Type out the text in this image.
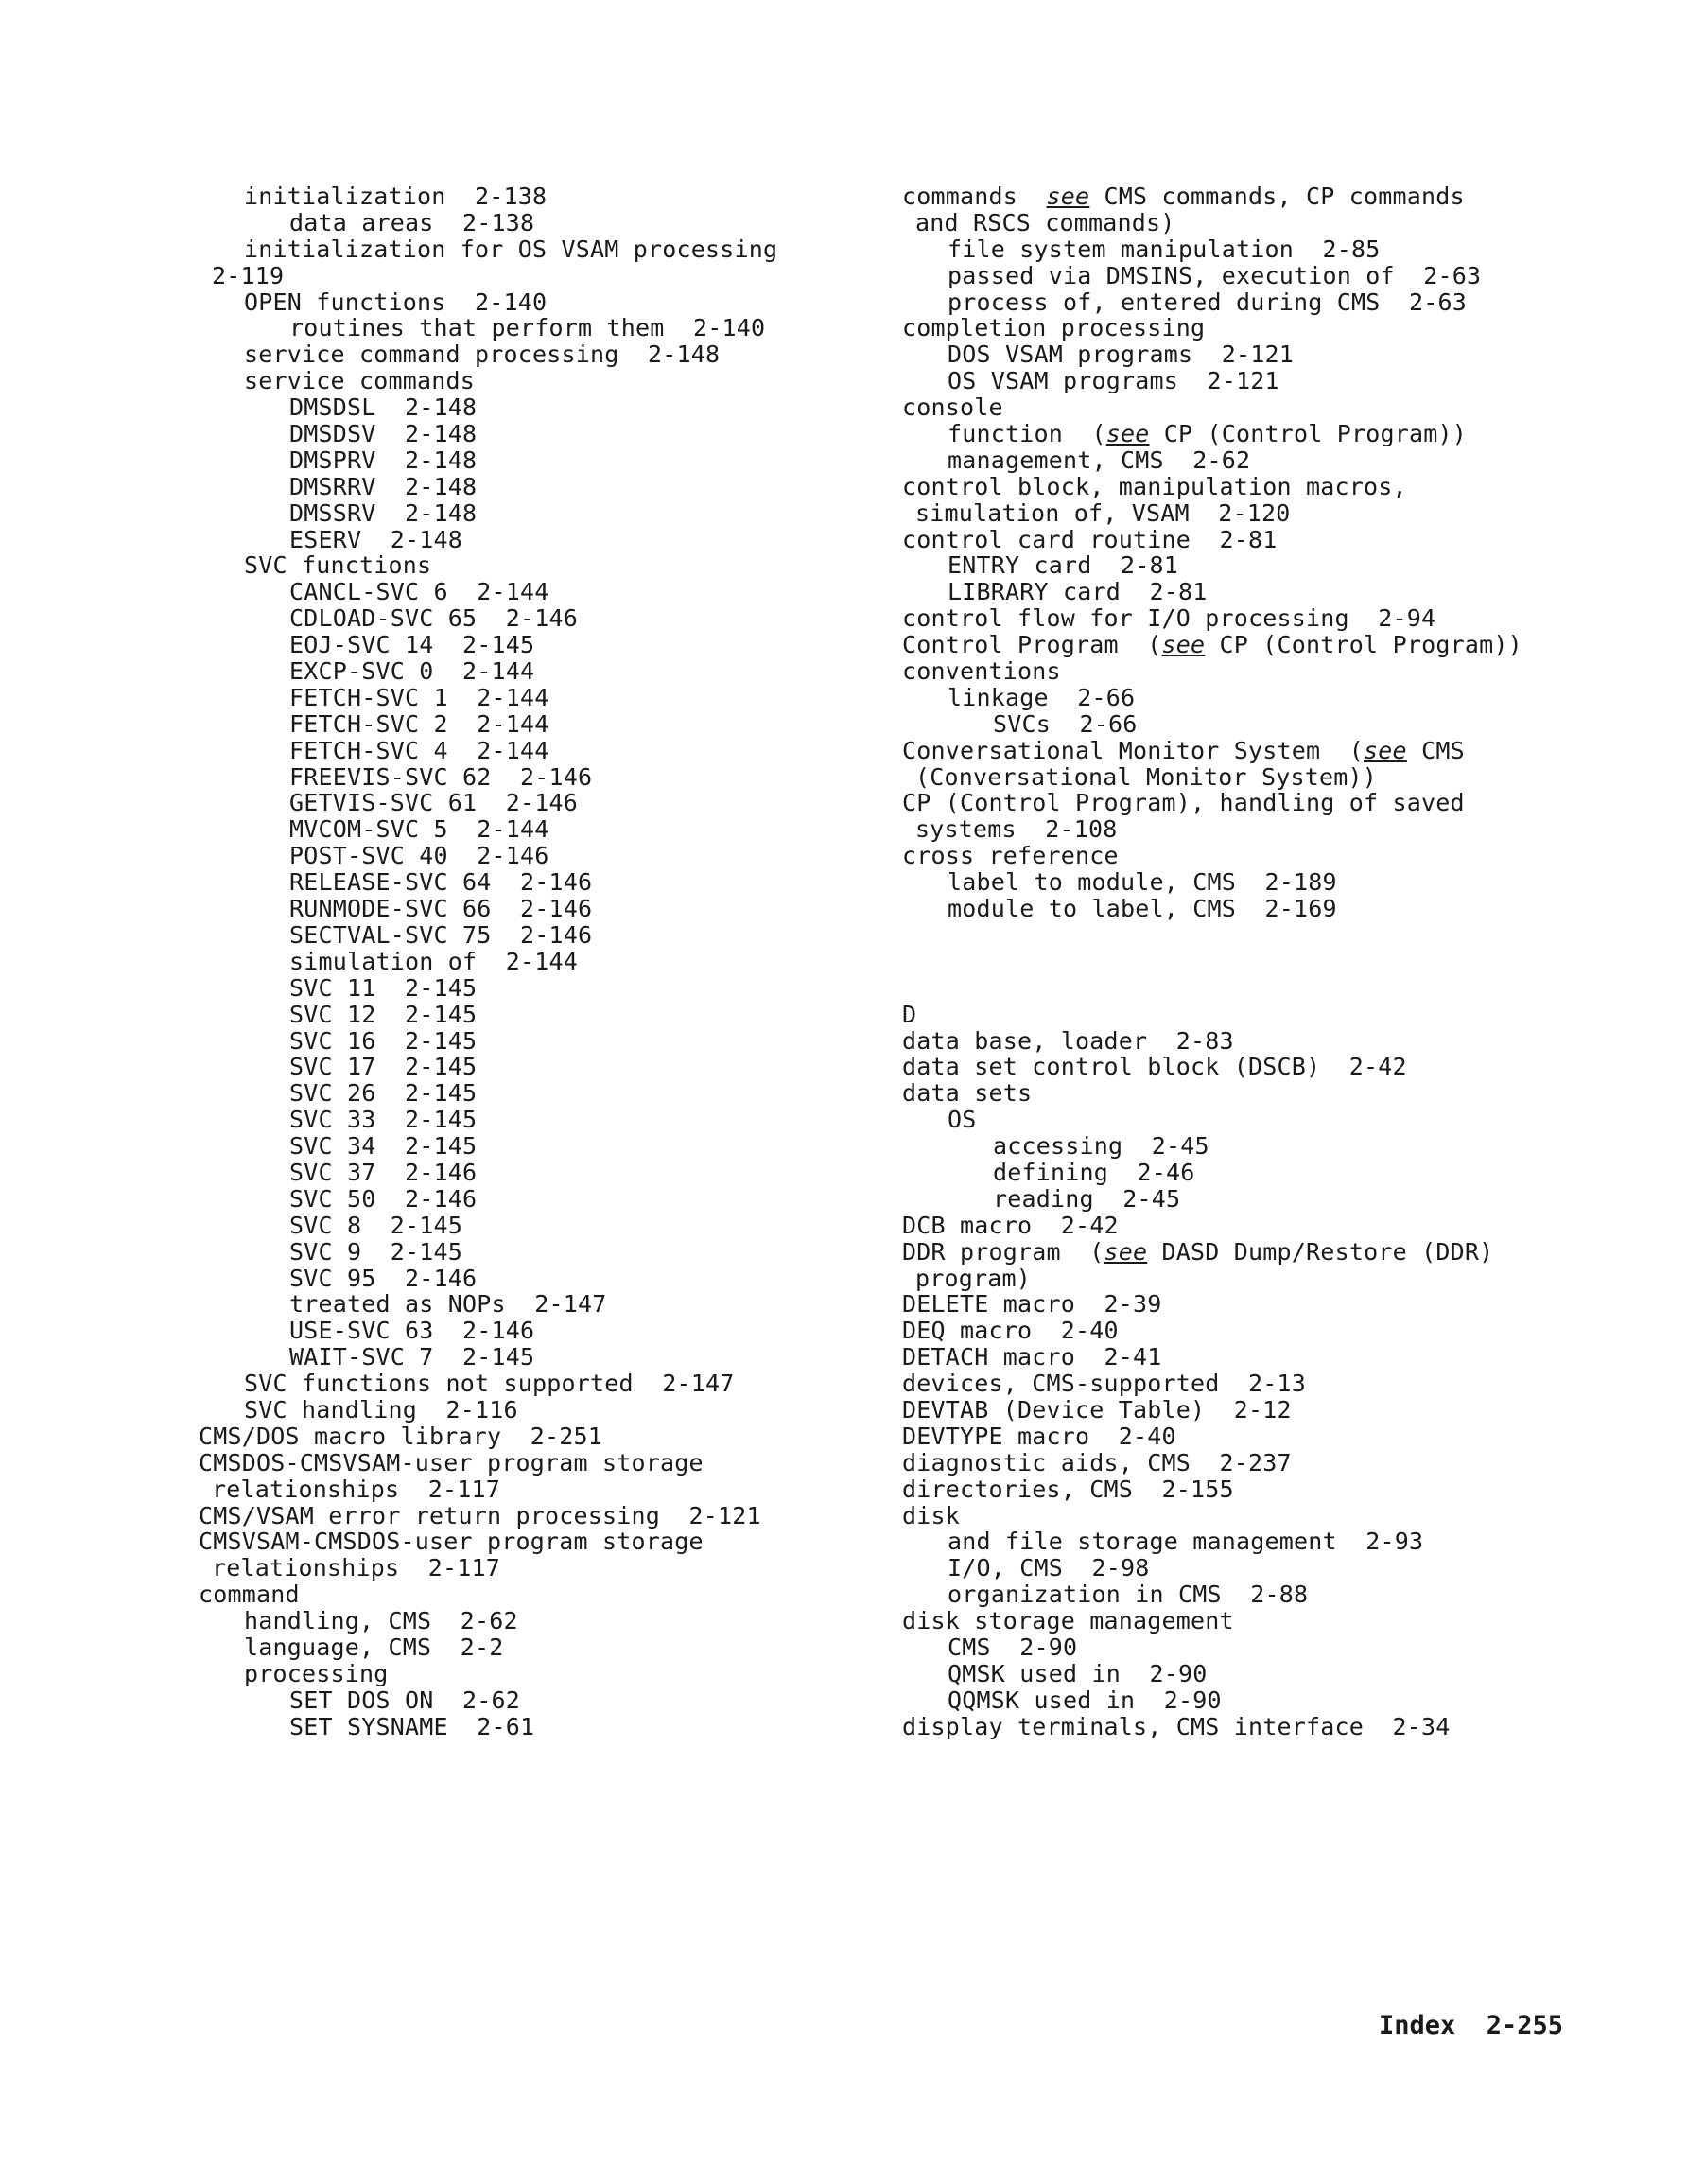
initialization  2-138
data areas  2-138
initialization for OS VSAM processing
2-119
OPEN functions  2-140
routines that perform them  2-140
service command processing  2-148
service commands
DMSDSL  2-148
DMSDSV  2-148
DMSPRV  2-148
DMSRRV  2-148
DMSSRV  2-148
ESERV  2-148
SVC functions
CANCL-SVC 6  2-144
CDLOAD-SVC 65  2-146
EOJ-SVC 14  2-145
EXCP-SVC 0  2-144
FETCH-SVC 1  2-144
FETCH-SVC 2  2-144
FETCH-SVC 4  2-144
FREEVIS-SVC 62  2-146
GETVIS-SVC 61  2-146
MVCOM-SVC 5  2-144
POST-SVC 40  2-146
RELEASE-SVC 64  2-146
RUNMODE-SVC 66  2-146
SECTVAL-SVC 75  2-146
simulation of  2-144
SVC 11  2-145
SVC 12  2-145
SVC 16  2-145
SVC 17  2-145
SVC 26  2-145
SVC 33  2-145
SVC 34  2-145
SVC 37  2-146
SVC 50  2-146
SVC 8  2-145
SVC 9  2-145
SVC 95  2-146
treated as NOPs  2-147
USE-SVC 63  2-146
WAIT-SVC 7  2-145
SVC functions not supported  2-147
SVC handling  2-116
CMS/DOS macro library  2-251
CMSDOS-CMSVSAM-user program storage
relationships  2-117
CMS/VSAM error return processing  2-121
CMSVSAM-CMSDOS-user program storage
relationships  2-117
command
handling, CMS  2-62
language, CMS  2-2
processing
SET DOS ON  2-62
SET SYSNAME  2-61
commands  see CMS commands, CP commands
and RSCS commands)
file system manipulation  2-85
passed via DMSINS, execution of  2-63
process of, entered during CMS  2-63
completion processing
DOS VSAM programs  2-121
OS VSAM programs  2-121
console
function  (see CP (Control Program))
management, CMS  2-62
control block, manipulation macros,
simulation of, VSAM  2-120
control card routine  2-81
ENTRY card  2-81
LIBRARY card  2-81
control flow for I/O processing  2-94
Control Program  (see CP (Control Program))
conventions
linkage  2-66
SVCs  2-66
Conversational Monitor System  (see CMS
(Conversational Monitor System))
CP (Control Program), handling of saved
systems  2-108
cross reference
label to module, CMS  2-189
module to label, CMS  2-169
D
data base, loader  2-83
data set control block (DSCB)  2-42
data sets
OS
accessing  2-45
defining  2-46
reading  2-45
DCB macro  2-42
DDR program  (see DASD Dump/Restore (DDR)
program)
DELETE macro  2-39
DEQ macro  2-40
DETACH macro  2-41
devices, CMS-supported  2-13
DEVTAB (Device Table)  2-12
DEVTYPE macro  2-40
diagnostic aids, CMS  2-237
directories, CMS  2-155
disk
and file storage management  2-93
I/O, CMS  2-98
organization in CMS  2-88
disk storage management
CMS  2-90
QMSK used in  2-90
QQMSK used in  2-90
display terminals, CMS interface  2-34
Index  2-255
